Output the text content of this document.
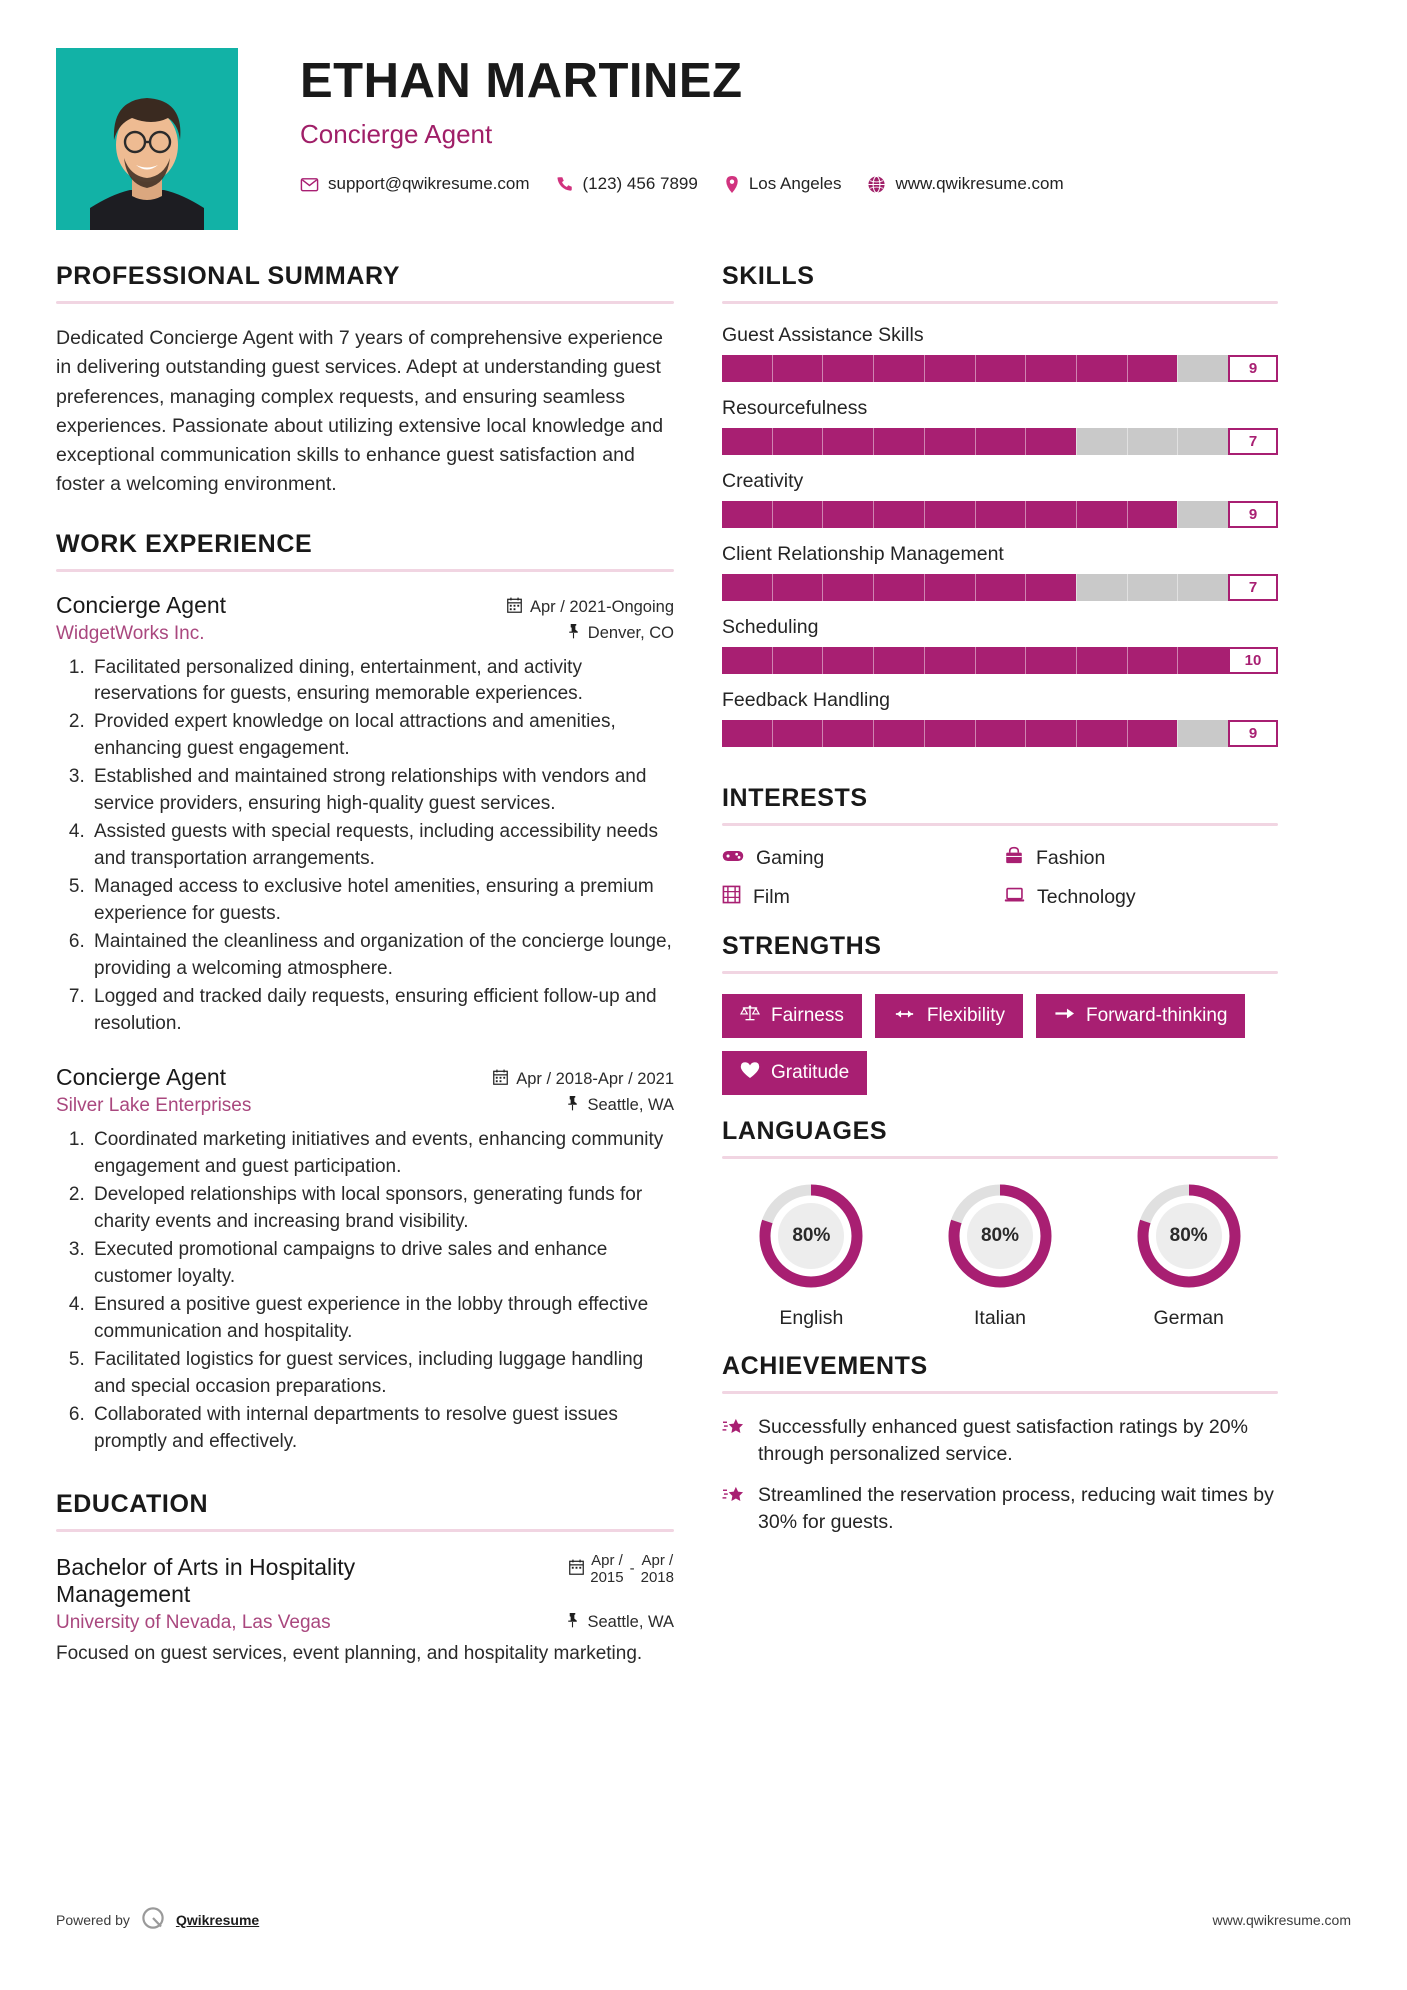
ETHAN MARTINEZ
Concierge Agent
support@qwikresume.com	(123) 456 7899	Los Angeles	www.qwikresume.com
PROFESSIONAL SUMMARY
Dedicated Concierge Agent with 7 years of comprehensive experience in delivering outstanding guest services. Adept at understanding guest preferences, managing complex requests, and ensuring seamless experiences. Passionate about utilizing extensive local knowledge and exceptional communication skills to enhance guest satisfaction and foster a welcoming environment.
WORK EXPERIENCE
Concierge Agent	Apr / 2021-Ongoing
WidgetWorks Inc.	Denver, CO
1. Facilitated personalized dining, entertainment, and activity reservations for guests, ensuring memorable experiences.
2. Provided expert knowledge on local attractions and amenities, enhancing guest engagement.
3. Established and maintained strong relationships with vendors and service providers, ensuring high-quality guest services.
4. Assisted guests with special requests, including accessibility needs and transportation arrangements.
5. Managed access to exclusive hotel amenities, ensuring a premium experience for guests.
6. Maintained the cleanliness and organization of the concierge lounge, providing a welcoming atmosphere.
7. Logged and tracked daily requests, ensuring efficient follow-up and resolution.
Concierge Agent	Apr / 2018-Apr / 2021
Silver Lake Enterprises	Seattle, WA
1. Coordinated marketing initiatives and events, enhancing community engagement and guest participation.
2. Developed relationships with local sponsors, generating funds for charity events and increasing brand visibility.
3. Executed promotional campaigns to drive sales and enhance customer loyalty.
4. Ensured a positive guest experience in the lobby through effective communication and hospitality.
5. Facilitated logistics for guest services, including luggage handling and special occasion preparations.
6. Collaborated with internal departments to resolve guest issues promptly and effectively.
EDUCATION
Bachelor of Arts in Hospitality Management
Apr /
2015
-
Apr /
2018
University of Nevada, Las Vegas	Seattle, WA
Focused on guest services, event planning, and hospitality marketing.
SKILLS
Guest Assistance Skills
9
Resourcefulness
7
Creativity
9
Client Relationship Management
7
Scheduling
10
Feedback Handling
9
INTERESTS
Gaming	Fashion
Film	Technology
STRENGTHS
Fairness	Flexibility	Forward-thinking
Gratitude
LANGUAGES
80%
English
80%
Italian
80%
German
ACHIEVEMENTS
Successfully enhanced guest satisfaction ratings by 20% through personalized service.
Streamlined the reservation process, reducing wait times by 30% for guests.
Powered by	Qwikresume	www.qwikresume.com
